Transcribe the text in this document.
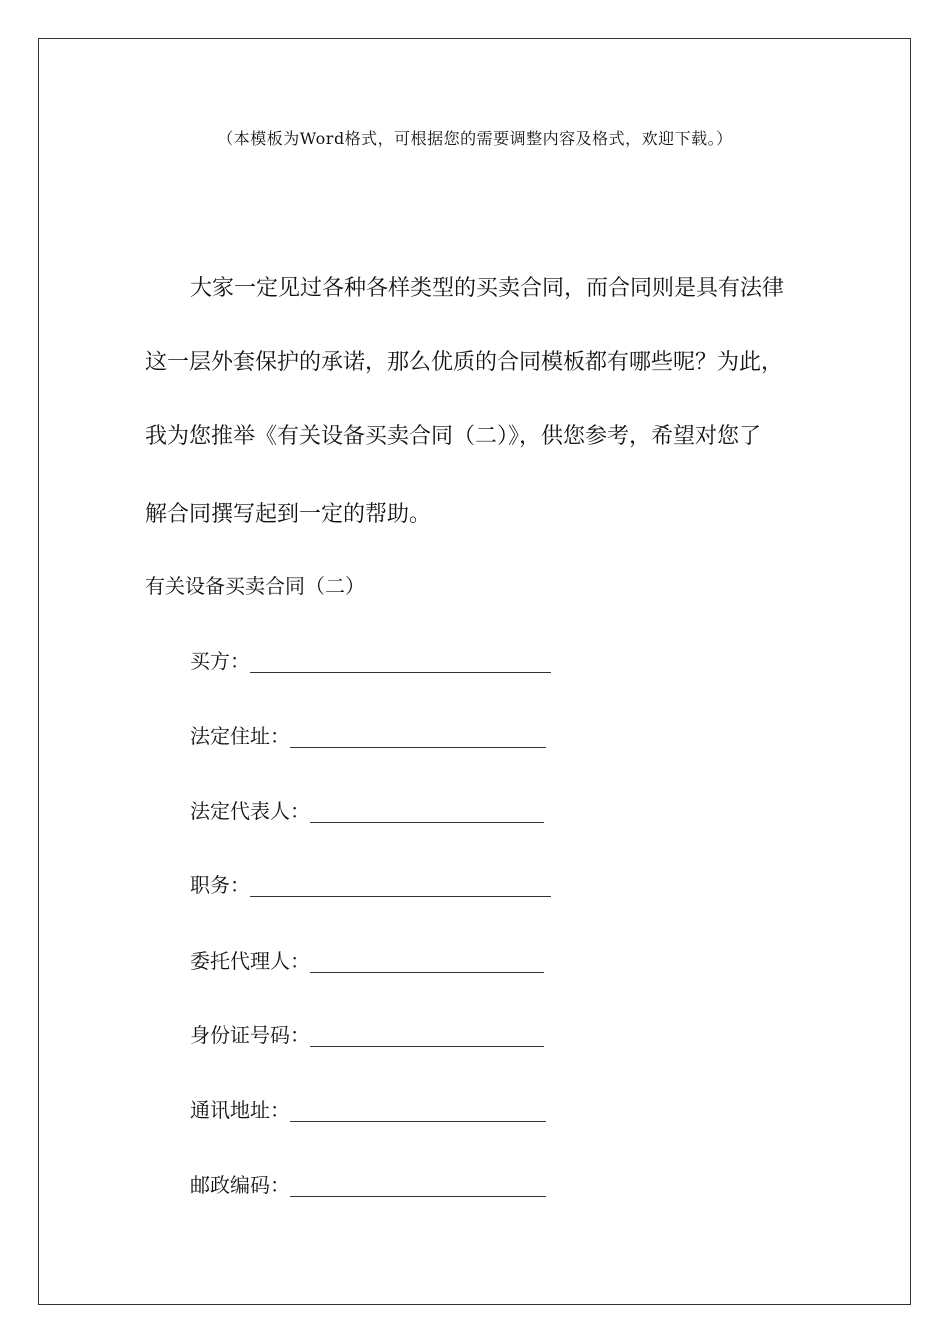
（本模板为Word格式，可根据您的需要调整内容及格式，欢迎下载。）
大家一定见过各种各样类型的买卖合同，而合同则是具有法律
这一层外套保护的承诺，那么优质的合同模板都有哪些呢？为此，
我为您推举《有关设备买卖合同（二）》，供您参考，希望对您了
解合同撰写起到一定的帮助。
有关设备买卖合同（二）
买方：
法定住址：
法定代表人：
职务：
委托代理人：
身份证号码：
通讯地址：
邮政编码：
